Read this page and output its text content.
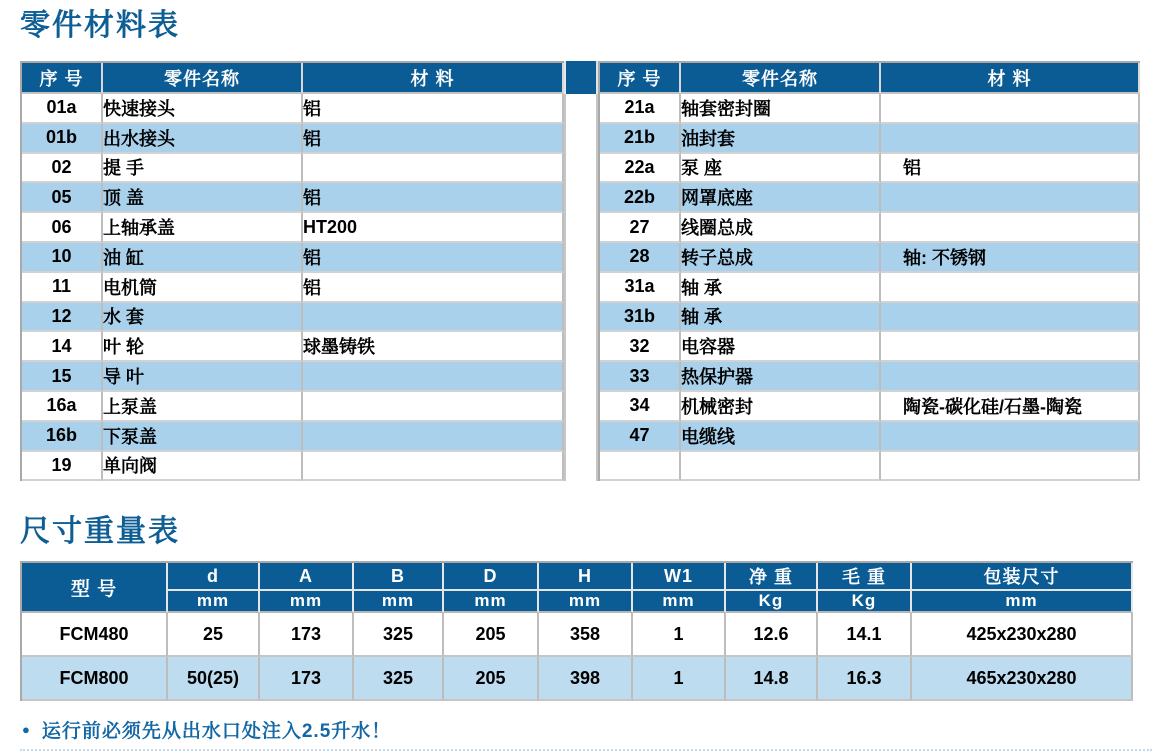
零件材料表
序 号	零件名称	材 料
01a	快速接头	铝
01b	出水接头	铝
02	提 手	
05	顶 盖	铝
06	上轴承盖	HT200
10	油 缸	铝
11	电机筒	铝
12	水 套	
14	叶 轮	球墨铸铁
15	导 叶	
16a	上泵盖	
16b	下泵盖	
19	单向阀	
序 号	零件名称	材 料
21a	轴套密封圈	
21b	油封套	
22a	泵 座	铝
22b	网罩底座	
27	线圈总成	
28	转子总成	轴: 不锈钢
31a	轴 承	
31b	轴 承	
32	电容器	
33	热保护器	
34	机械密封	陶瓷-碳化硅/石墨-陶瓷
47	电缆线	

尺寸重量表
型 号	d	A	B	D	H	W1	净 重	毛 重	包装尺寸
	mm	mm	mm	mm	mm	mm	Kg	Kg	mm
FCM480	25	173	325	205	358	1	12.6	14.1	425x230x280
FCM800	50(25)	173	325	205	398	1	14.8	16.3	465x230x280

● 运行前必须先从出水口处注入2.5升水！
